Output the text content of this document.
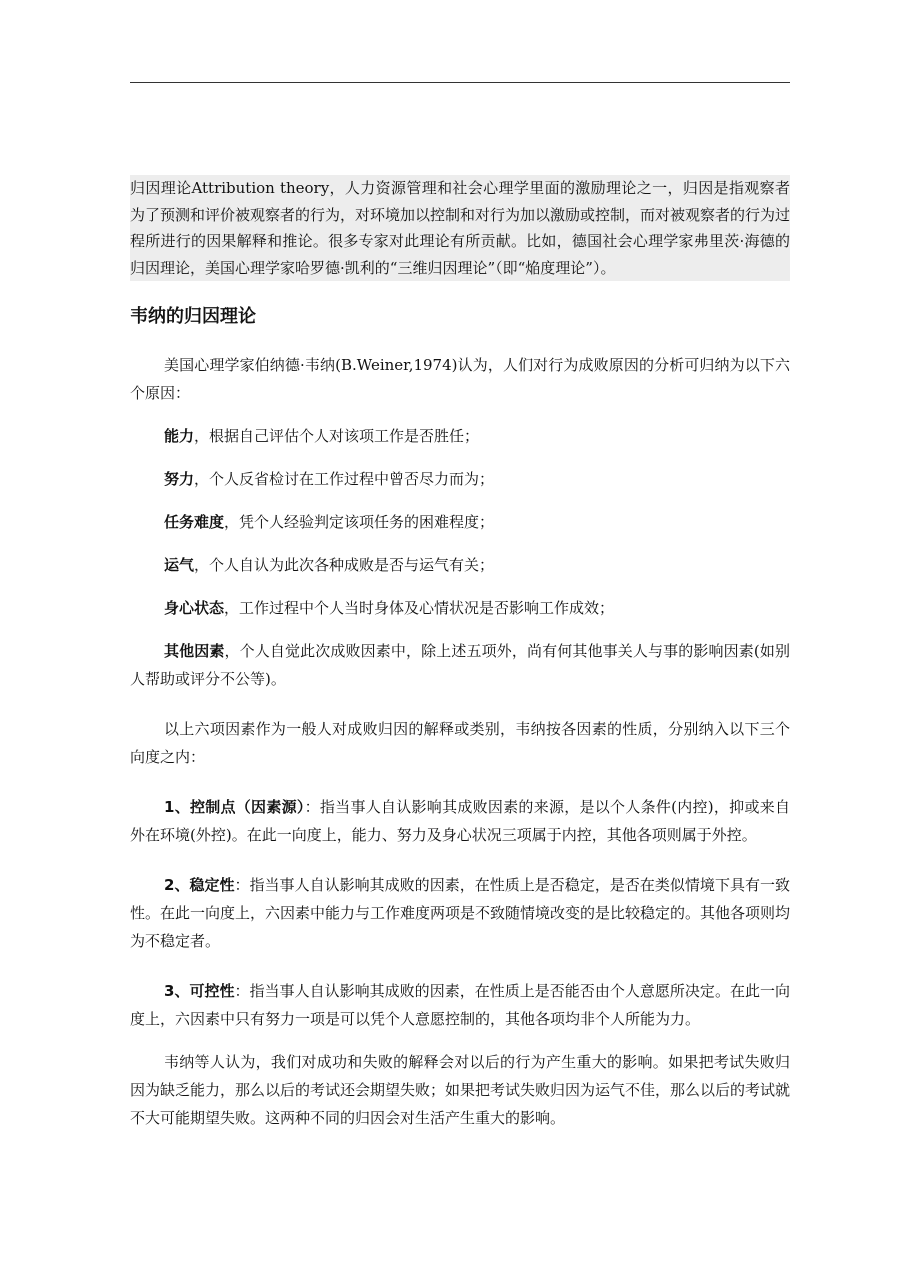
归因理论Attribution theory，人力资源管理和社会心理学里面的激励理论之一，归因是指观察者为了预测和评价被观察者的行为，对环境加以控制和对行为加以激励或控制，而对被观察者的行为过程所进行的因果解释和推论。很多专家对此理论有所贡献。比如，德国社会心理学家弗里茨·海德的归因理论，美国心理学家哈罗德·凯利的“三维归因理论”（即“焔度理论”）。

韦纳的归因理论

美国心理学家伯纳德·韦纳(B.Weiner,1974)认为，人们对行为成败原因的分析可归纳为以下六个原因：

能力，根据自己评估个人对该项工作是否胜任；

努力，个人反省检讨在工作过程中曾否尽力而为；

任务难度，凭个人经验判定该项任务的困难程度；

运气，个人自认为此次各种成败是否与运气有关；

身心状态，工作过程中个人当时身体及心情状况是否影响工作成效；

其他因素，个人自觉此次成败因素中，除上述五项外，尚有何其他事关人与事的影响因素(如别人帮助或评分不公等)。

以上六项因素作为一般人对成败归因的解释或类别，韦纳按各因素的性质，分别纳入以下三个向度之内：

1、控制点（因素源）：指当事人自认影响其成败因素的来源，是以个人条件(内控)，抑或来自外在环境(外控)。在此一向度上，能力、努力及身心状况三项属于内控，其他各项则属于外控。

2、稳定性：指当事人自认影响其成败的因素，在性质上是否稳定，是否在类似情境下具有一致性。在此一向度上，六因素中能力与工作难度两项是不致随情境改变的是比较稳定的。其他各项则均为不稳定者。

3、可控性：指当事人自认影响其成败的因素，在性质上是否能否由个人意愿所决定。在此一向度上，六因素中只有努力一项是可以凭个人意愿控制的，其他各项均非个人所能为力。

韦纳等人认为，我们对成功和失败的解释会对以后的行为产生重大的影响。如果把考试失败归因为缺乏能力，那么以后的考试还会期望失败；如果把考试失败归因为运气不佳，那么以后的考试就不大可能期望失败。这两种不同的归因会对生活产生重大的影响。
